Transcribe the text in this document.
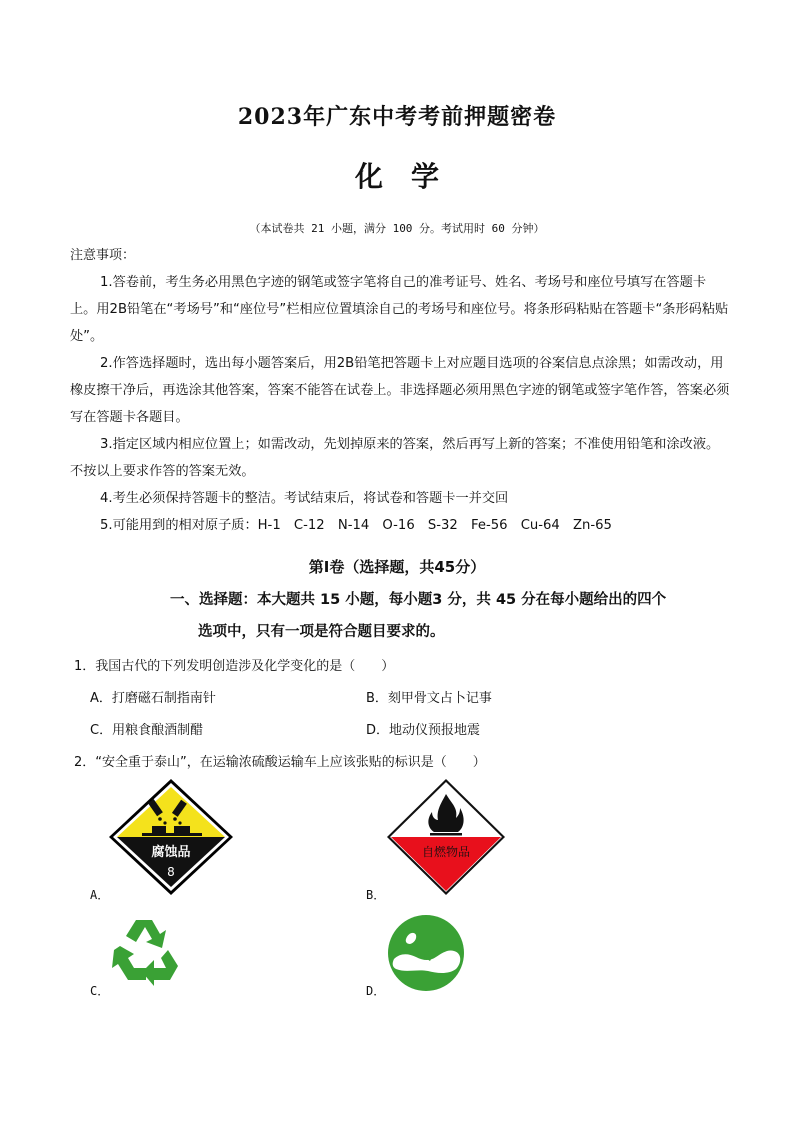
2023年广东中考考前押题密卷
化学
（本试卷共 21 小题，满分 100 分。考试用时 60 分钟）
注意事项：
1.答卷前，考生务必用黑色字迹的钢笔或签字笔将自己的准考证号、姓名、考场号和座位号填写在答题卡上。用2B铅笔在“考场号”和“座位号”栏相应位置填涂自己的考场号和座位号。将条形码粘贴在答题卡“条形码粘贴处”。
2.作答选择题时，选出每小题答案后，用2B铅笔把答题卡上对应题目选项的谷案信息点涂黑；如需改动，用橡皮擦干净后，再选涂其他答案，答案不能答在试卷上。非选择题必须用黑色字迹的钢笔或签字笔作答，答案必须写在答题卡各题目。
3.指定区域内相应位置上；如需改动，先划掉原来的答案，然后再写上新的答案；不准使用铅笔和涂改液。不按以上要求作答的答案无效。
4.考生必须保持答题卡的整洁。考试结束后，将试卷和答题卡一并交回
5.可能用到的相对原子质：H-1　C-12　N-14　O-16　S-32　Fe-56　Cu-64　Zn-65
第Ⅰ卷（选择题，共45分）
一、选择题：本大题共 15 小题，每小题3 分，共 45 分在每小题给出的四个
选项中，只有一项是符合题目要求的。
1．我国古代的下列发明创造涉及化学变化的是（　　）
A．打磨磁石制指南针	B．刻甲骨文占卜记事
C．用粮食酿酒制醋	D．地动仪预报地震
2．“安全重于泰山”，在运输浓硫酸运输车上应该张贴的标识是（　　）
腐蚀品
8
A．
自燃物品
B．
C．	D．
